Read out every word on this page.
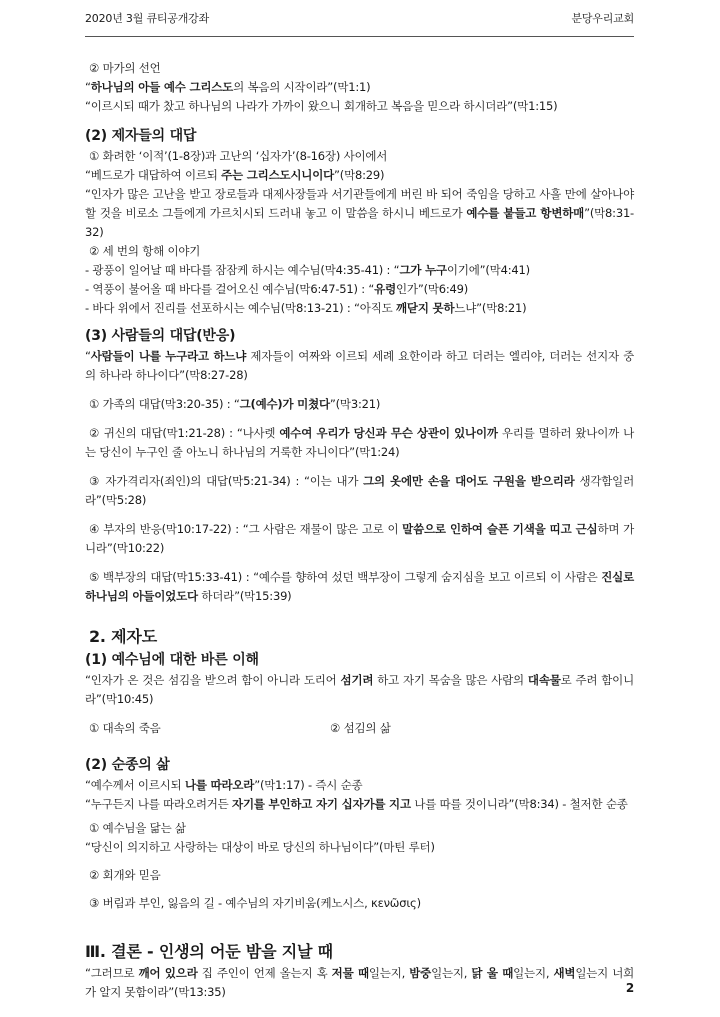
2020년 3월 큐티공개강좌	분당우리교회

② 마가의 선언

“하나님의 아들 예수 그리스도의 복음의 시작이라”(막1:1)

“이르시되 때가 찼고 하나님의 나라가 가까이 왔으니 회개하고 복음을 믿으라 하시더라”(막1:15)

(2) 제자들의 대답

① 화려한 ‘이적’(1-8장)과 고난의 ‘십자가’(8-16장) 사이에서

“베드로가 대답하여 이르되 주는 그리스도시니이다”(막8:29)

“인자가 많은 고난을 받고 장로들과 대제사장들과 서기관들에게 버린 바 되어 죽임을 당하고 사흘 만에 살아나야 할 것을 비로소 그들에게 가르치시되 드러내 놓고 이 말씀을 하시니 베드로가 예수를 붙들고 항변하매”(막8:31-32)

② 세 번의 항해 이야기

- 광풍이 일어날 때 바다를 잠잠케 하시는 예수님(막4:35-41) : “그가 누구이기에”(막4:41)

- 역풍이 불어올 때 바다를 걸어오신 예수님(막6:47-51) : “유령인가”(막6:49)

- 바다 위에서 진리를 선포하시는 예수님(막8:13-21) : “아직도 깨닫지 못하느냐”(막8:21)

(3) 사람들의 대답(반응)

“사람들이 나를 누구라고 하느냐 제자들이 여짜와 이르되 세례 요한이라 하고 더러는 엘리야, 더러는 선지자 중의 하나라 하나이다”(막8:27-28)

① 가족의 대답(막3:20-35) : “그(예수)가 미쳤다”(막3:21)

② 귀신의 대답(막1:21-28) : “나사렛 예수여 우리가 당신과 무슨 상관이 있나이까 우리를 멸하러 왔나이까 나는 당신이 누구인 줄 아노니 하나님의 거룩한 자니이다”(막1:24)

③ 자가격리자(죄인)의 대답(막5:21-34) : “이는 내가 그의 옷에만 손을 대어도 구원을 받으리라 생각함일러라”(막5:28)

④ 부자의 반응(막10:17-22) : “그 사람은 재물이 많은 고로 이 말씀으로 인하여 슬픈 기색을 띠고 근심하며 가니라”(막10:22)

⑤ 백부장의 대답(막15:33-41) : “예수를 향하여 섰던 백부장이 그렇게 숨지심을 보고 이르되 이 사람은 진실로 하나님의 아들이었도다 하더라”(막15:39)

2. 제자도

(1) 예수님에 대한 바른 이해

“인자가 온 것은 섬김을 받으려 함이 아니라 도리어 섬기려 하고 자기 목숨을 많은 사람의 대속물로 주려 함이니라”(막10:45)

① 대속의 죽음	② 섬김의 삶

(2) 순종의 삶

“예수께서 이르시되 나를 따라오라”(막1:17) - 즉시 순종

“누구든지 나를 따라오려거든 자기를 부인하고 자기 십자가를 지고 나를 따를 것이니라”(막8:34) - 철저한 순종

① 예수님을 닮는 삶

“당신이 의지하고 사랑하는 대상이 바로 당신의 하나님이다”(마틴 루터)

② 회개와 믿음

③ 버림과 부인, 잃음의 길 - 예수님의 자기비움(케노시스, κενῶσις)

Ⅲ. 결론 - 인생의 어둔 밤을 지날 때

“그러므로 깨어 있으라 집 주인이 언제 올는지 혹 저물 때일는지, 밤중일는지, 닭 울 때일는지, 새벽일는지 너희가 알지 못함이라”(막13:35)	2
